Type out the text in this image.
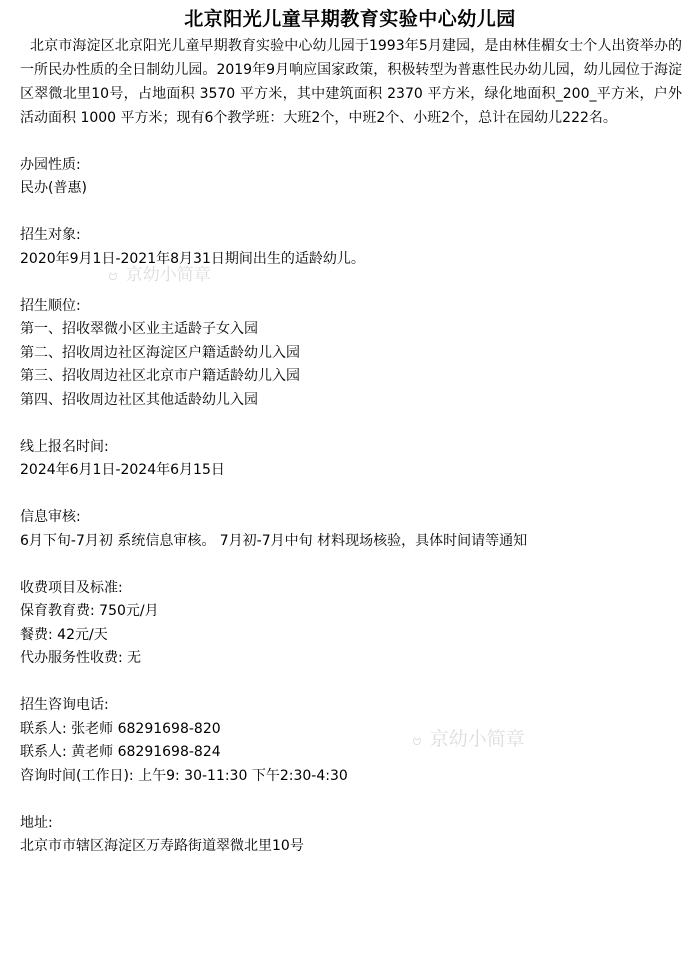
北京阳光儿童早期教育实验中心幼儿园
北京市海淀区北京阳光儿童早期教育实验中心幼儿园于1993年5月建园，是由林佳楣女士个人出资举办的一所民办性质的全日制幼儿园。2019年9月响应国家政策，积极转型为普惠性民办幼儿园，幼儿园位于海淀区翠微北里10号，占地面积 3570 平方米，其中建筑面积 2370 平方米，绿化地面积_200_平方米，户外活动面积 1000 平方米；现有6个教学班：大班2个，中班2个、小班2个，总计在园幼儿222名。
办园性质:
民办(普惠)
招生对象:
2020年9月1日-2021年8月31日期间出生的适龄幼儿。
招生顺位:
第一、招收翠微小区业主适龄子女入园
第二、招收周边社区海淀区户籍适龄幼儿入园
第三、招收周边社区北京市户籍适龄幼儿入园
第四、招收周边社区其他适龄幼儿入园
线上报名时间:
2024年6月1日-2024年6月15日
信息审核:
6月下旬-7月初 系统信息审核。 7月初-7月中旬 材料现场核验，具体时间请等通知
收费项目及标准:
保育教育费: 750元/月
餐费: 42元/天
代办服务性收费: 无
招生咨询电话:
联系人: 张老师 68291698-820
联系人: 黄老师 68291698-824
咨询时间(工作日): 上午9: 30-11:30 下午2:30-4:30
地址:
北京市市辖区海淀区万寿路街道翠微北里10号
ဗ 京幼小简章
ဗ 京幼小简章
